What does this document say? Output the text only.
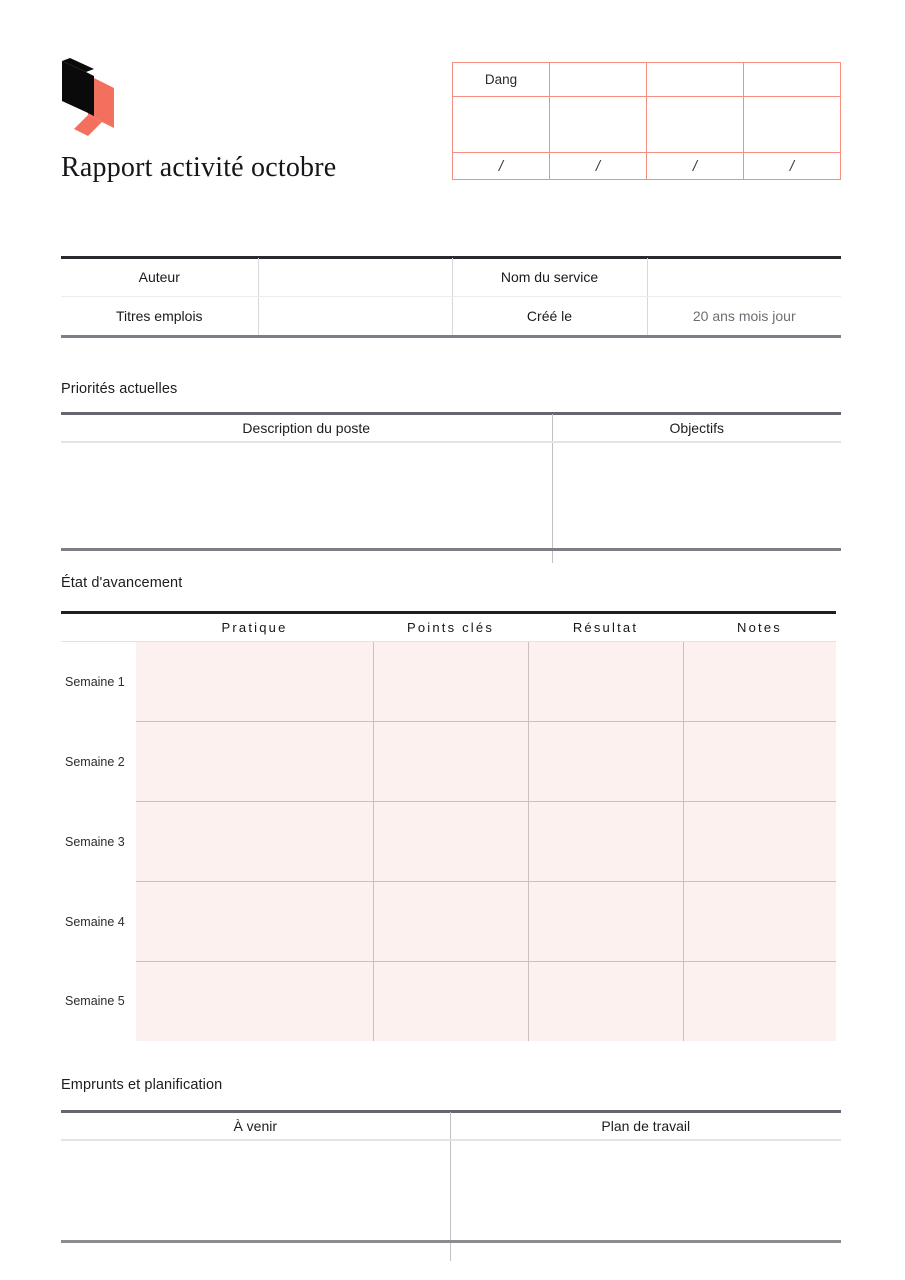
Rapport activité octobre
Dang			

/	/	/	/
Auteur		Nom du service	
Titres emplois		Créé le	20 ans mois jour
Priorités actuelles
Description du poste	Objectifs

État d'avancement
	Pratique	Points clés	Résultat	Notes
Semaine 1				
Semaine 2				
Semaine 3				
Semaine 4				
Semaine 5				
Emprunts et planification
À venir	Plan de travail
